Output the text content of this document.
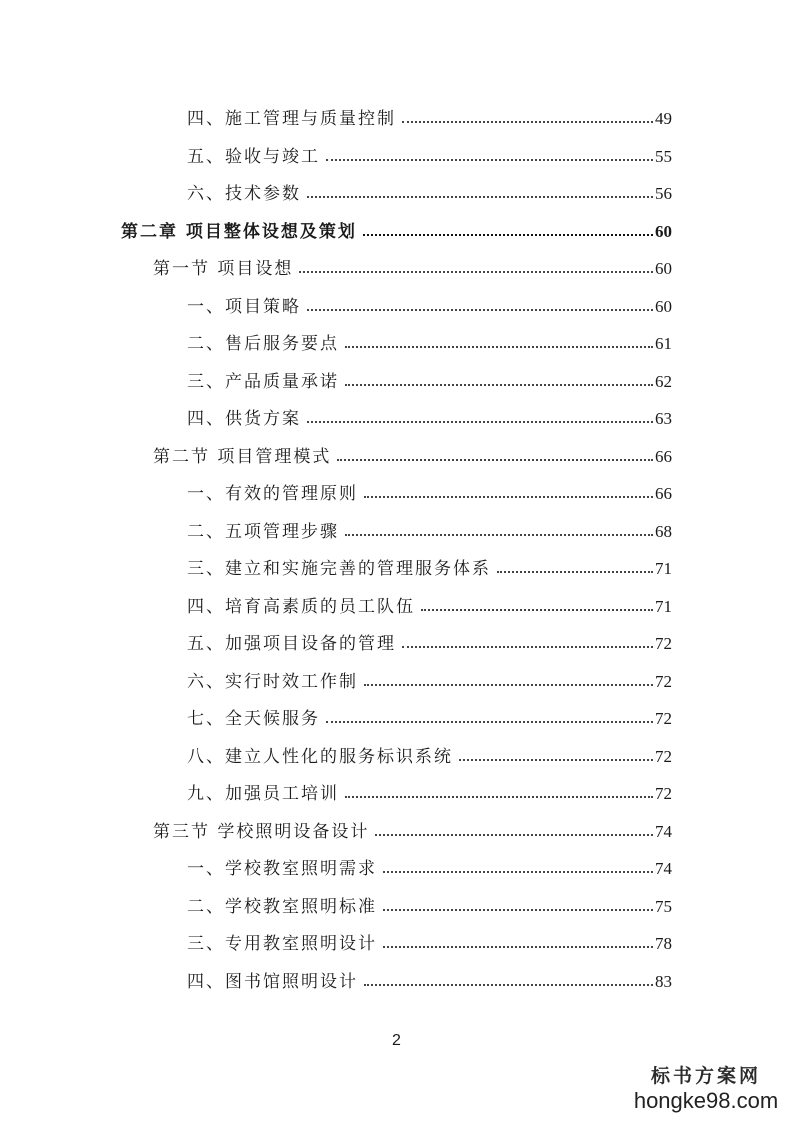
四、施工管理与质量控制	49
五、验收与竣工	55
六、技术参数	56
第二章 项目整体设想及策划	60
第一节 项目设想	60
一、项目策略	60
二、售后服务要点	61
三、产品质量承诺	62
四、供货方案	63
第二节 项目管理模式	66
一、有效的管理原则	66
二、五项管理步骤	68
三、建立和实施完善的管理服务体系	71
四、培育高素质的员工队伍	71
五、加强项目设备的管理	72
六、实行时效工作制	72
七、全天候服务	72
八、建立人性化的服务标识系统	72
九、加强员工培训	72
第三节 学校照明设备设计	74
一、学校教室照明需求	74
二、学校教室照明标准	75
三、专用教室照明设计	78
四、图书馆照明设计	83
2
标书方案网
hongke98.com
